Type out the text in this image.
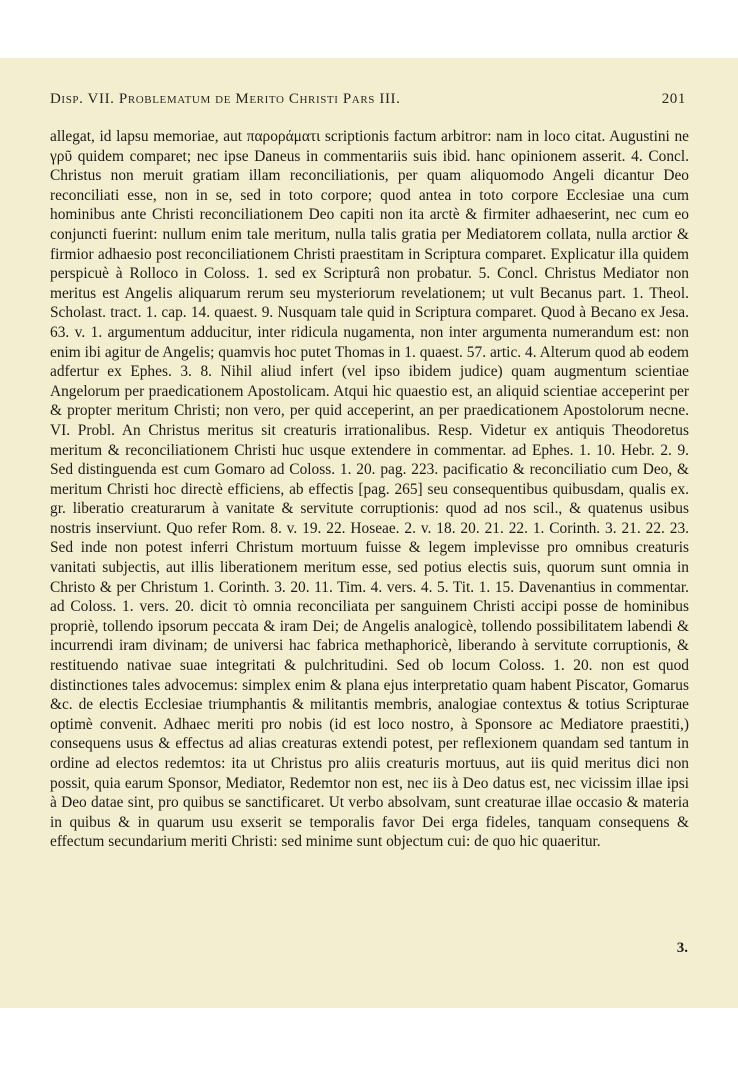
Disp. VII. Problematum de Merito Christi Pars III.	201

allegat, id lapsu memoriae, aut παροράματι scriptionis factum arbitror: nam in loco citat. Augustini ne γρῦ quidem comparet; nec ipse Daneus in commentariis suis ibid. hanc opinionem asserit. 4. Concl. Christus non meruit gratiam illam reconciliationis, per quam aliquomodo Angeli dicantur Deo reconciliati esse, non in se, sed in toto corpore; quod antea in toto corpore Ecclesiae una cum hominibus ante Christi reconciliationem Deo capiti non ita arctè & firmiter adhaeserint, nec cum eo conjuncti fuerint: nullum enim tale meritum, nulla talis gratia per Mediatorem collata, nulla arctior & firmior adhaesio post reconciliationem Christi praestitam in Scriptura comparet. Explicatur illa quidem perspicuè à Rolloco in Coloss. 1. sed ex Scripturâ non probatur. 5. Concl. Christus Mediator non meritus est Angelis aliquarum rerum seu mysteriorum revelationem; ut vult Becanus part. 1. Theol. Scholast. tract. 1. cap. 14. quaest. 9. Nusquam tale quid in Scriptura comparet. Quod à Becano ex Jesa. 63. v. 1. argumentum adducitur, inter ridicula nugamenta, non inter argumenta numerandum est: non enim ibi agitur de Angelis; quamvis hoc putet Thomas in 1. quaest. 57. artic. 4. Alterum quod ab eodem adfertur ex Ephes. 3. 8. Nihil aliud infert (vel ipso ibidem judice) quam augmentum scientiae Angelorum per praedicationem Apostolicam. Atqui hic quaestio est, an aliquid scientiae acceperint per & propter meritum Christi; non vero, per quid acceperint, an per praedicationem Apostolorum necne. VI. Probl. An Christus meritus sit creaturis irrationalibus. Resp. Videtur ex antiquis Theodoretus meritum & reconciliationem Christi huc usque extendere in commentar. ad Ephes. 1. 10. Hebr. 2. 9. Sed distinguenda est cum Gomaro ad Coloss. 1. 20. pag. 223. pacificatio & reconciliatio cum Deo, & meritum Christi hoc directè efficiens, ab effectis [pag. 265] seu consequentibus quibusdam, qualis ex. gr. liberatio creaturarum à vanitate & servitute corruptionis: quod ad nos scil., & quatenus usibus nostris inserviunt. Quo refer Rom. 8. v. 19. 22. Hoseae. 2. v. 18. 20. 21. 22. 1. Corinth. 3. 21. 22. 23. Sed inde non potest inferri Christum mortuum fuisse & legem implevisse pro omnibus creaturis vanitati subjectis, aut illis liberationem meritum esse, sed potius electis suis, quorum sunt omnia in Christo & per Christum 1. Corinth. 3. 20. 11. Tim. 4. vers. 4. 5. Tit. 1. 15. Davenantius in commentar. ad Coloss. 1. vers. 20. dicit τὸ omnia reconciliata per sanguinem Christi accipi posse de hominibus propriè, tollendo ipsorum peccata & iram Dei; de Angelis analogicè, tollendo possibilitatem labendi & incurrendi iram divinam; de universi hac fabrica methaphoricè, liberando à servitute corruptionis, & restituendo nativae suae integritati & pulchritudini. Sed ob locum Coloss. 1. 20. non est quod distinctiones tales advocemus: simplex enim & plana ejus interpretatio quam habent Piscator, Gomarus &c. de electis Ecclesiae triumphantis & militantis membris, analogiae contextus & totius Scripturae optimè convenit. Adhaec meriti pro nobis (id est loco nostro, à Sponsore ac Mediatore praestiti,) consequens usus & effectus ad alias creaturas extendi potest, per reflexionem quandam sed tantum in ordine ad electos redemtos: ita ut Christus pro aliis creaturis mortuus, aut iis quid meritus dici non possit, quia earum Sponsor, Mediator, Redemtor non est, nec iis à Deo datus est, nec vicissim illae ipsi à Deo datae sint, pro quibus se sanctificaret. Ut verbo absolvam, sunt creaturae illae occasio & materia in quibus & in quarum usu exserit se temporalis favor Dei erga fideles, tanquam consequens & effectum secundarium meriti Christi: sed minime sunt objectum cui: de quo hic quaeritur.

3.
